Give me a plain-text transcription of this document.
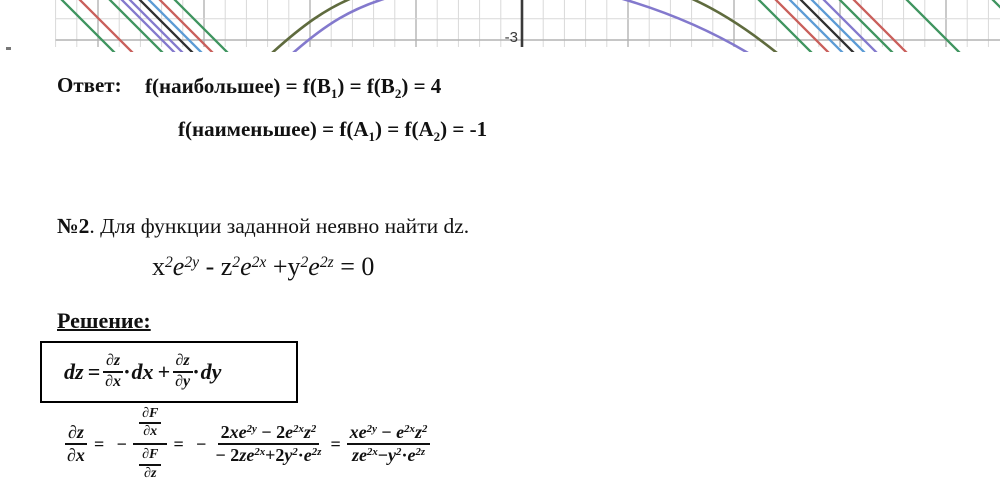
-3
Ответ: f(наибольшее) = $f(B_1) = f(B_2) = 4$
f(наименьшее) = $f(A_1) = f(A_2) = -1$
№2. Для функции заданной неявно найти dz.
$x^2e^{2y} - z^2e^{2x} +y^2e^{2z} = 0$
Решение:
dz = $\frac{\partial z}{\partial x}$ · dx + $\frac{\partial z}{\partial y}$ · dy
$\frac{\partial z}{\partial x}$ = − $\frac{\frac{\partial F}{\partial x}}{\frac{\partial F}{\partial z}}$ = − $\frac{2xe^{2y} - 2e^{2x}z^2}{- 2ze^{2x}+2y^2\cdot e^{2z}} = \frac{xe^{2y} - e^{2x}z^2}{ze^{2x}-y^2\cdot e^{2z}}$
